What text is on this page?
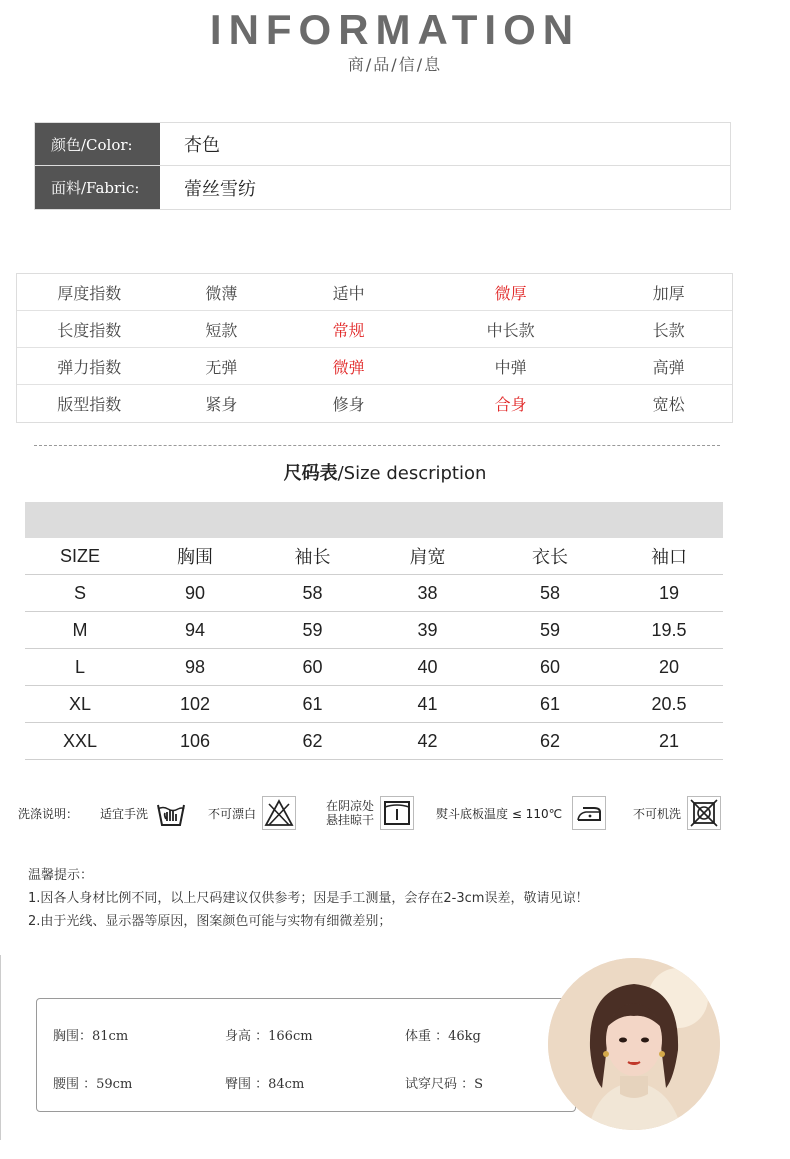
INFORMATION
商/品/信/息
颜色/Color:	杏色
面料/Fabric:	蕾丝雪纺
厚度指数	微薄	适中	微厚	加厚
长度指数	短款	常规	中长款	长款
弹力指数	无弹	微弹	中弹	高弹
版型指数	紧身	修身	合身	宽松
尺码表/Size description
SIZE	胸围	袖长	肩宽	衣长	袖口
S	90	58	38	58	19
M	94	59	39	59	19.5
L	98	60	40	60	20
XL	102	61	41	61	20.5
XXL	106	62	42	62	21
洗涤说明： 适宜手洗	不可漂白
在阴凉处
悬挂晾干	熨斗底板温度 ≤ 110℃	不可机洗
温馨提示：
1.因各人身材比例不同，以上尺码建议仅供参考；因是手工测量，会存在2-3cm误差，敬请见谅！
2.由于光线、显示器等原因，图案颜色可能与实物有细微差别；
胸围：81cm	身高 ：166cm	体重 ：46kg
腰围 ：59cm	臀围 ：84cm	试穿尺码 ：S
